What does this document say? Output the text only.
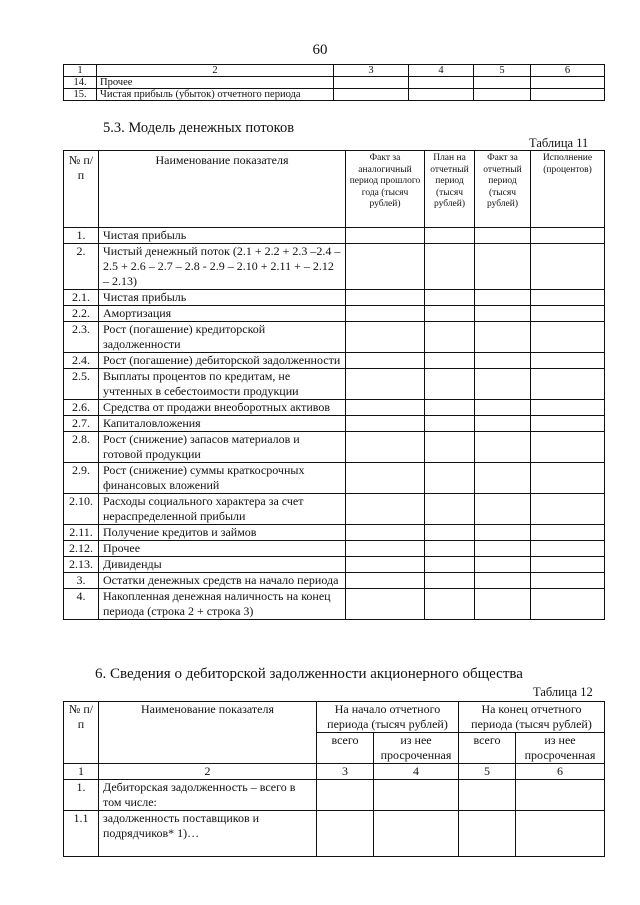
60
1	2	3	4	5	6
14.	Прочее				
15.	Чистая прибыль (убыток) отчетного периода				
5.3. Модель денежных потоков
Таблица 11
№ п/п	Наименование показателя	Факт за аналогичный период прошлого года (тысяч рублей)	План на отчетный период (тысяч рублей)	Факт за отчетный период (тысяч рублей)	Исполнение (процентов)
1.	Чистая прибыль				
2.	Чистый денежный поток (2.1 + 2.2 + 2.3 –2.4 – 2.5 + 2.6 – 2.7 – 2.8 - 2.9 – 2.10 + 2.11 + – 2.12 – 2.13)				
2.1.	Чистая прибыль				
2.2.	Амортизация				
2.3.	Рост (погашение) кредиторской задолженности				
2.4.	Рост (погашение) дебиторской задолженности				
2.5.	Выплаты процентов по кредитам, не учтенных в себестоимости продукции				
2.6.	Средства от продажи внеоборотных активов				
2.7.	Капиталовложения				
2.8.	Рост (снижение) запасов материалов и готовой продукции				
2.9.	Рост (снижение) суммы краткосрочных финансовых вложений				
2.10.	Расходы социального характера за счет нераспределенной прибыли				
2.11.	Получение кредитов и займов				
2.12.	Прочее				
2.13.	Дивиденды				
3.	Остатки денежных средств на начало периода				
4.	Накопленная денежная наличность на конец периода (строка 2 + строка 3)				
6. Сведения о дебиторской задолженности акционерного общества
Таблица 12
№ п/п	Наименование показателя	На начало отчетного периода (тысяч рублей)		На конец отчетного периода (тысяч рублей)	
		всего	из нее просроченная	всего	из нее просроченная
1	2	3	4	5	6
1.	Дебиторская задолженность – всего в том числе:				
1.1	задолженность поставщиков и подрядчиков* 1)…				
